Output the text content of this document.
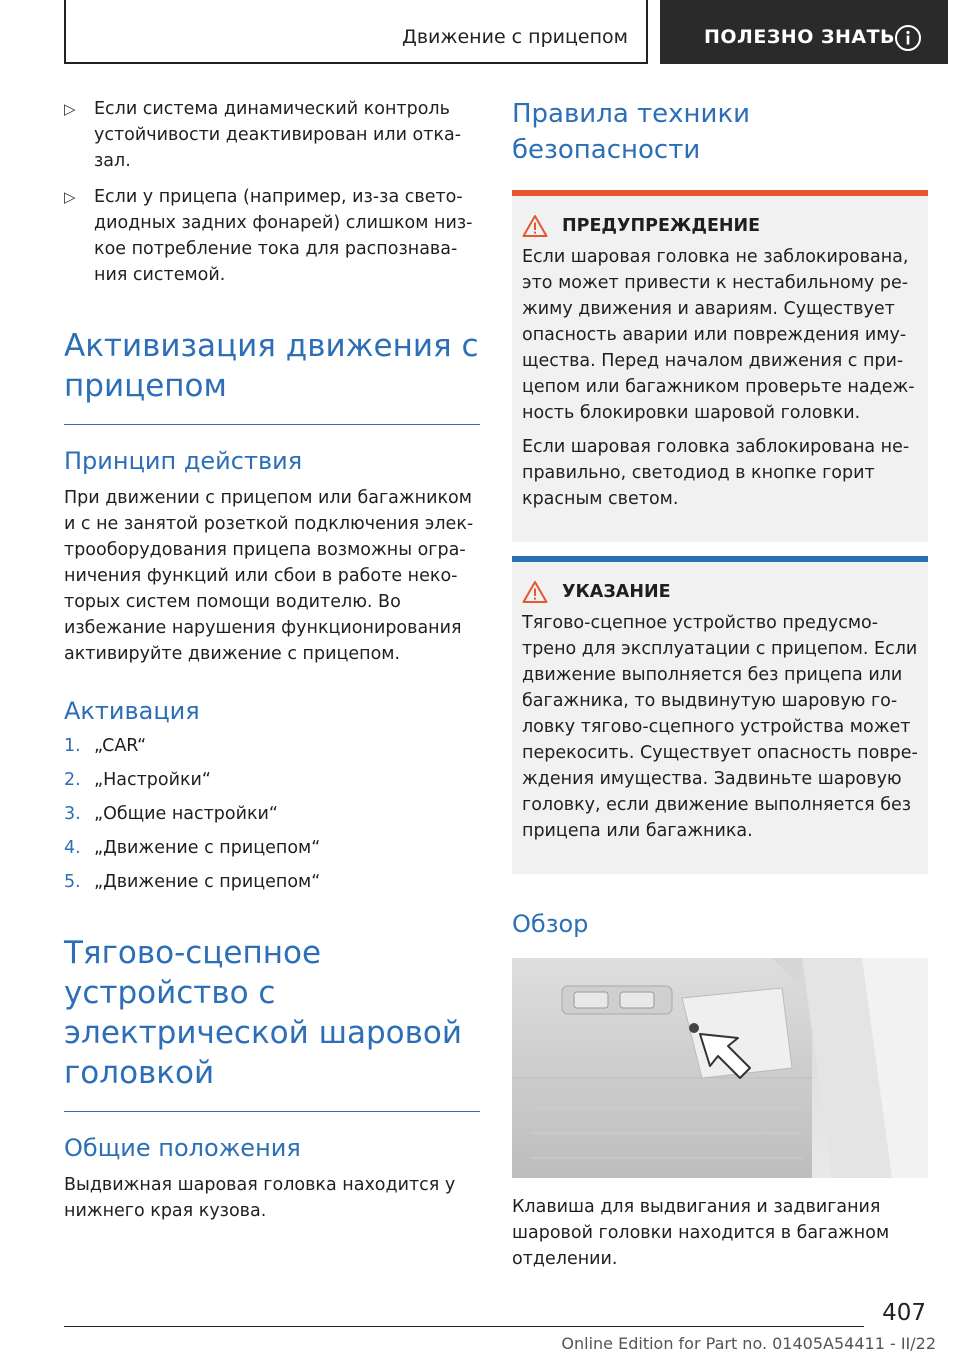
Движение с прицепом	ПОЛЕЗНО ЗНАТЬ
▷ Если система динамический контроль устойчивости деактивирован или отка-зал.
▷ Если у прицепа (например, из-за свето-диодных задних фонарей) слишком низ-кое потребление тока для распознава-ния системой.
Активизация движения с прицепом
Принцип действия
При движении с прицепом или багажником и с не занятой розеткой подключения элек-трооборудования прицепа возможны огра-ничения функций или сбои в работе неко-торых систем помощи водителю. Во избежание нарушения функционирования активируйте движение с прицепом.
Активация
1. „CAR“
2. „Настройки“
3. „Общие настройки“
4. „Движение с прицепом“
5. „Движение с прицепом“
Тягово-сцепное устройство с электрической шаровой головкой
Общие положения
Выдвижная шаровая головка находится у нижнего края кузова.
Правила техники безопасности
ПРЕДУПРЕЖДЕНИЕ
Если шаровая головка не заблокирована, это может привести к нестабильному ре-жиму движения и авариям. Существует опасность аварии или повреждения иму-щества. Перед началом движения с при-цепом или багажником проверьте надеж-ность блокировки шаровой головки.
Если шаровая головка заблокирована не-правильно, светодиод в кнопке горит красным светом.
УКАЗАНИЕ
Тягово-сцепное устройство предусмо-трено для эксплуатации с прицепом. Если движение выполняется без прицепа или багажника, то выдвинутую шаровую го-ловку тягово-сцепного устройства может перекосить. Существует опасность повре-ждения имущества. Задвиньте шаровую головку, если движение выполняется без прицепа или багажника.
Обзор
Клавиша для выдвигания и задвигания шаровой головки находится в багажном отделении.
407
Online Edition for Part no. 01405A54411 - II/22
